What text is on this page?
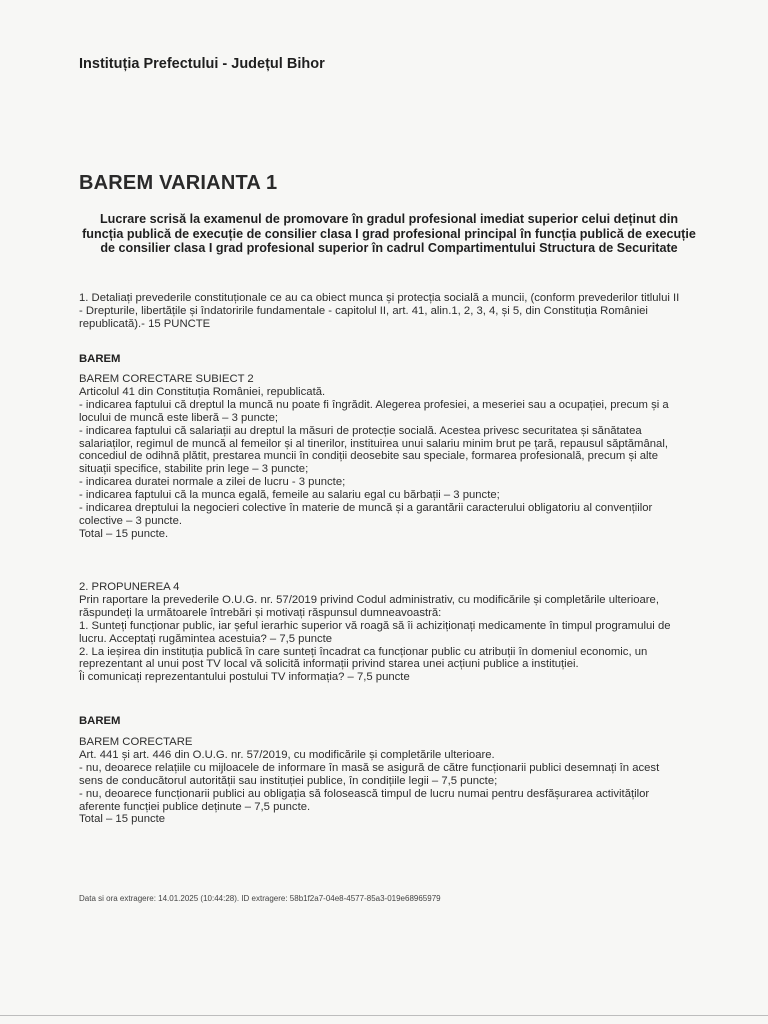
Instituția Prefectului - Județul Bihor
BAREM VARIANTA 1
Lucrare scrisă la examenul de promovare în gradul profesional imediat superior celui deținut din
funcția publică de execuție de consilier clasa I grad profesional principal în funcția publică de execuție
de consilier clasa I grad profesional superior în cadrul Compartimentului Structura de Securitate

1. Detaliați prevederile constituționale ce au ca obiect munca și protecția socială a muncii, (conform prevederilor titlului II

- Drepturile, libertățile și îndatoririle fundamentale - capitolul II, art. 41, alin.1, 2, 3, 4, și 5, din Constituția României

republicată).- 15 PUNCTE

BAREM

BAREM CORECTARE SUBIECT 2

Articolul 41 din Constituția României, republicată.

- indicarea faptului că dreptul la muncă nu poate fi îngrădit. Alegerea profesiei, a meseriei sau a ocupației, precum și a

locului de muncă este liberă – 3 puncte;

- indicarea faptului că salariații au dreptul la măsuri de protecție socială. Acestea privesc securitatea și sănătatea

salariaților, regimul de muncă al femeilor și al tinerilor, instituirea unui salariu minim brut pe țară, repausul săptămânal,

concediul de odihnă plătit, prestarea muncii în condiții deosebite sau speciale, formarea profesională, precum și alte

situații specifice, stabilite prin lege – 3 puncte;

- indicarea duratei normale a zilei de lucru - 3 puncte;

- indicarea faptului că la munca egală, femeile au salariu egal cu bărbații – 3 puncte;

- indicarea dreptului la negocieri colective în materie de muncă și a garantării caracterului obligatoriu al convențiilor

colective – 3 puncte.

Total – 15 puncte.

2. PROPUNEREA 4

Prin raportare la prevederile O.U.G. nr. 57/2019 privind Codul administrativ, cu modificările și completările ulterioare,

răspundeți la următoarele întrebări și motivați răspunsul dumneavoastră:

1. Sunteți funcționar public, iar șeful ierarhic superior vă roagă să îi achiziționați medicamente în timpul programului de

lucru. Acceptați rugămintea acestuia? – 7,5 puncte

2. La ieșirea din instituția publică în care sunteți încadrat ca funcționar public cu atribuții în domeniul economic, un

reprezentant al unui post TV local vă solicită informații privind starea unei acțiuni publice a instituției.

Îi comunicați reprezentantului postului TV informația? – 7,5 puncte

BAREM

BAREM CORECTARE

Art. 441 și art. 446 din O.U.G. nr. 57/2019, cu modificările și completările ulterioare.

- nu, deoarece relațiile cu mijloacele de informare în masă se asigură de către funcționarii publici desemnați în acest

sens de conducătorul autorității sau instituției publice, în condițiile legii – 7,5 puncte;

- nu, deoarece funcționarii publici au obligația să folosească timpul de lucru numai pentru desfășurarea activităților

aferente funcției publice deținute – 7,5 puncte.

Total – 15 puncte

Data si ora extragere: 14.01.2025 (10:44:28). ID extragere: 58b1f2a7-04e8-4577-85a3-019e68965979
